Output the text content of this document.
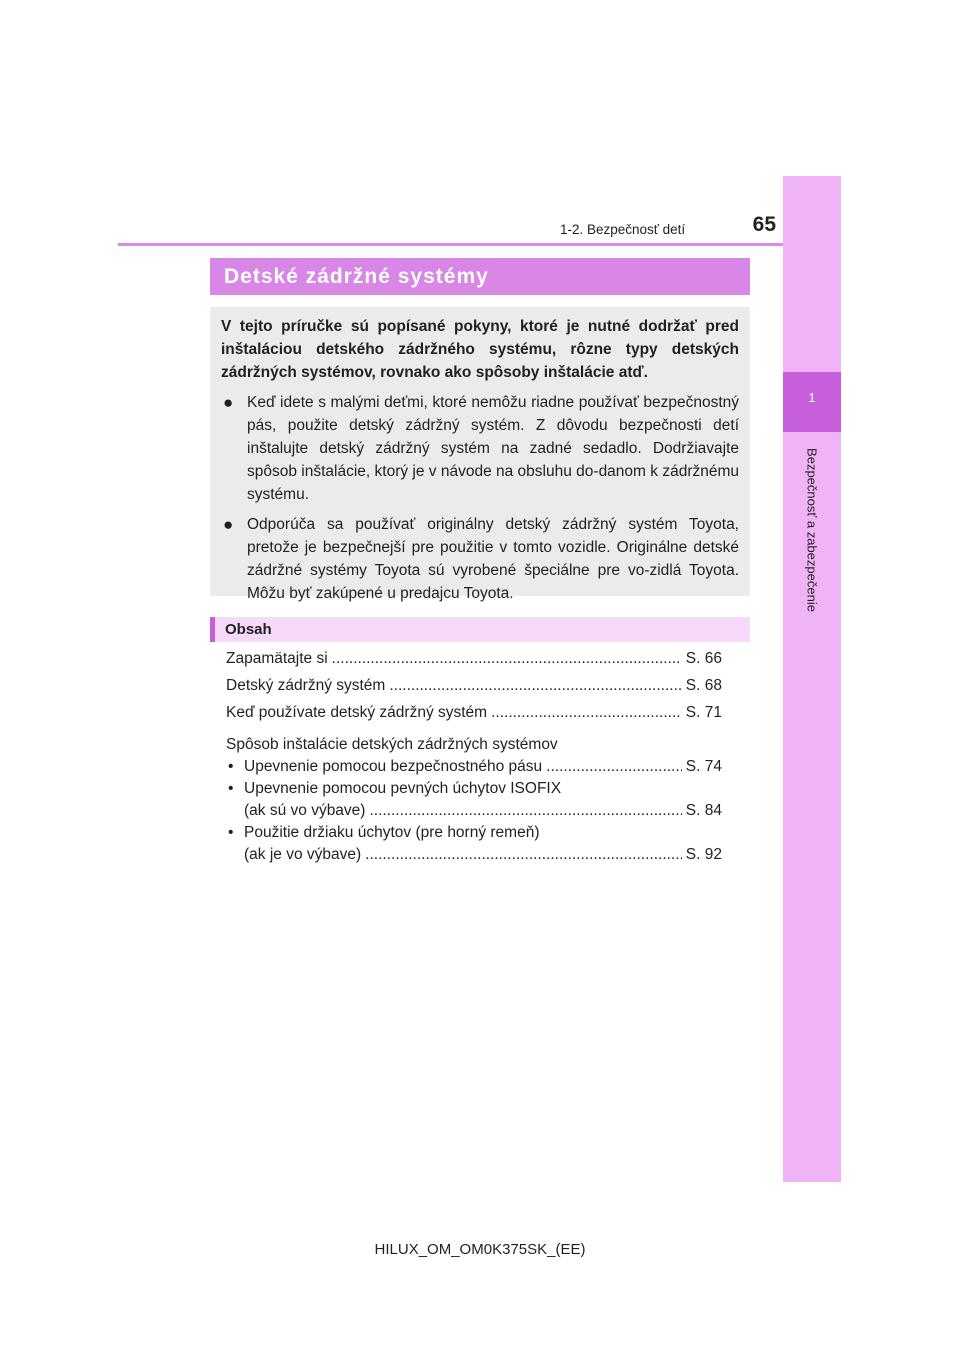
1
Bezpečnosť a zabezpečenie
1-2. Bezpečnosť detí	65
Detské zádržné systémy
V tejto príručke sú popísané pokyny, ktoré je nutné dodržať pred inštaláciou detského zádržného systému, rôzne typy detských zádržných systémov, rovnako ako spôsoby inštalácie atď.
● Keď idete s malými deťmi, ktoré nemôžu riadne používať bezpečnostný pás, použite detský zádržný systém. Z dôvodu bezpečnosti detí inštalujte detský zádržný systém na zadné sedadlo. Dodržiavajte spôsob inštalácie, ktorý je v návode na obsluhu do-danom k zádržnému systému.
● Odporúča sa používať originálny detský zádržný systém Toyota, pretože je bezpečnejší pre použitie v tomto vozidle. Originálne detské zádržné systémy Toyota sú vyrobené špeciálne pre vo-zidlá Toyota. Môžu byť zakúpené u predajcu Toyota.
Obsah
Zapamätajte si .....	S. 66
Detský zádržný systém .....	S. 68
Keď používate detský zádržný systém .....	S. 71
Spôsob inštalácie detských zádržných systémov
• Upevnenie pomocou bezpečnostného pásu .....	S. 74
• Upevnenie pomocou pevných úchytov ISOFIX
(ak sú vo výbave) .....	S. 84
• Použitie držiaku úchytov (pre horný remeň)
(ak je vo výbave) .....	S. 92
HILUX_OM_OM0K375SK_(EE)
